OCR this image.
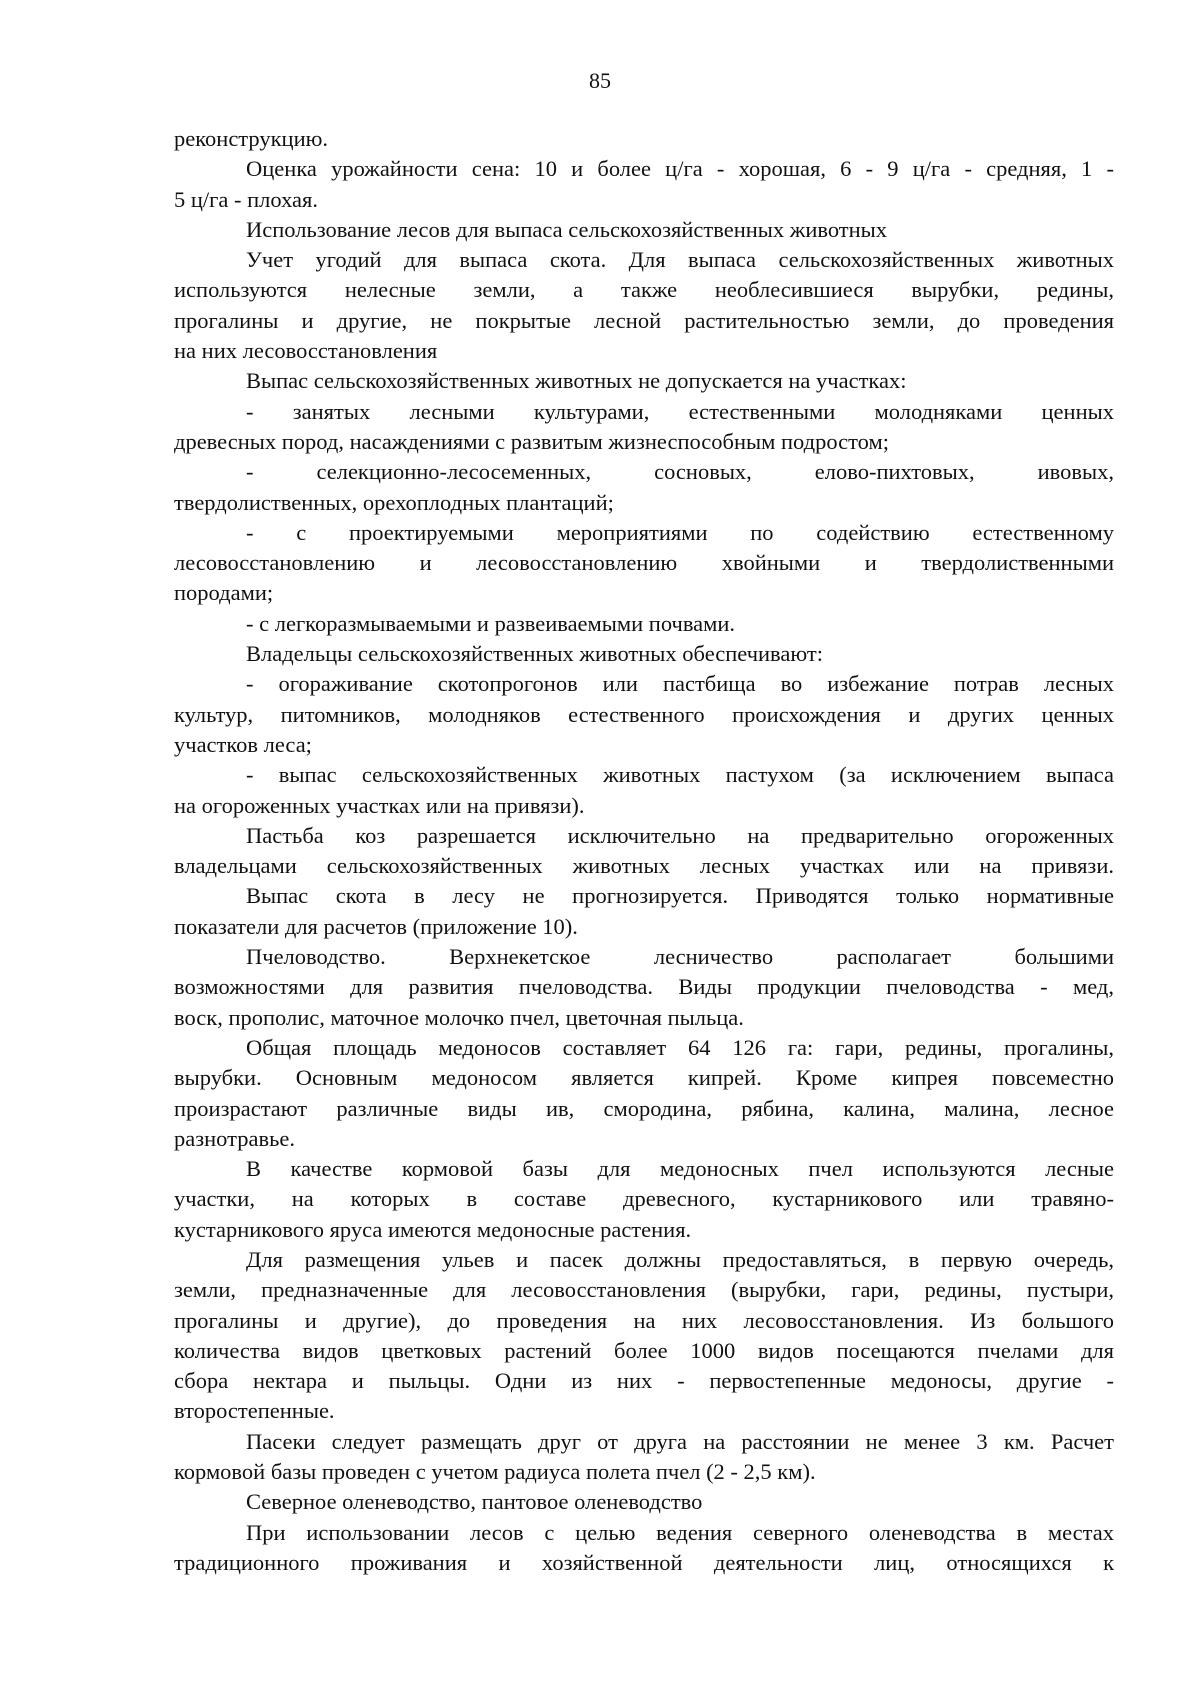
85
реконструкцию.
Оценка урожайности сена: 10 и более ц/га - хорошая, 6 - 9 ц/га - средняя, 1 -
5 ц/га - плохая.
Использование лесов для выпаса сельскохозяйственных животных
Учет угодий для выпаса скота. Для выпаса сельскохозяйственных животных
используются нелесные земли, а также необлесившиеся вырубки, редины,
прогалины и другие, не покрытые лесной растительностью земли, до проведения
на них лесовосстановления
Выпас сельскохозяйственных животных не допускается на участках:
- занятых лесными культурами, естественными молодняками ценных
древесных пород, насаждениями с развитым жизнеспособным подростом;
- селекционно-лесосеменных, сосновых, елово-пихтовых, ивовых,
твердолиственных, орехоплодных плантаций;
- с проектируемыми мероприятиями по содействию естественному
лесовосстановлению и лесовосстановлению хвойными и твердолиственными
породами;
- с легкоразмываемыми и развеиваемыми почвами.
Владельцы сельскохозяйственных животных обеспечивают:
- огораживание скотопрогонов или пастбища во избежание потрав лесных
культур, питомников, молодняков естественного происхождения и других ценных
участков леса;
- выпас сельскохозяйственных животных пастухом (за исключением выпаса
на огороженных участках или на привязи).
Пастьба коз разрешается исключительно на предварительно огороженных
владельцами сельскохозяйственных животных лесных участках или на привязи.
Выпас скота в лесу не прогнозируется. Приводятся только нормативные
показатели для расчетов (приложение 10).
Пчеловодство. Верхнекетское лесничество располагает большими
возможностями для развития пчеловодства. Виды продукции пчеловодства - мед,
воск, прополис, маточное молочко пчел, цветочная пыльца.
Общая площадь медоносов составляет 64 126 га: гари, редины, прогалины,
вырубки. Основным медоносом является кипрей. Кроме кипрея повсеместно
произрастают различные виды ив, смородина, рябина, калина, малина, лесное
разнотравье.
В качестве кормовой базы для медоносных пчел используются лесные
участки, на которых в составе древесного, кустарникового или травяно-
кустарникового яруса имеются медоносные растения.
Для размещения ульев и пасек должны предоставляться, в первую очередь,
земли, предназначенные для лесовосстановления (вырубки, гари, редины, пустыри,
прогалины и другие), до проведения на них лесовосстановления. Из большого
количества видов цветковых растений более 1000 видов посещаются пчелами для
сбора нектара и пыльцы. Одни из них - первостепенные медоносы, другие -
второстепенные.
Пасеки следует размещать друг от друга на расстоянии не менее 3 км. Расчет
кормовой базы проведен с учетом радиуса полета пчел (2 - 2,5 км).
Северное оленеводство, пантовое оленеводство
При использовании лесов с целью ведения северного оленеводства в местах
традиционного проживания и хозяйственной деятельности лиц, относящихся к
